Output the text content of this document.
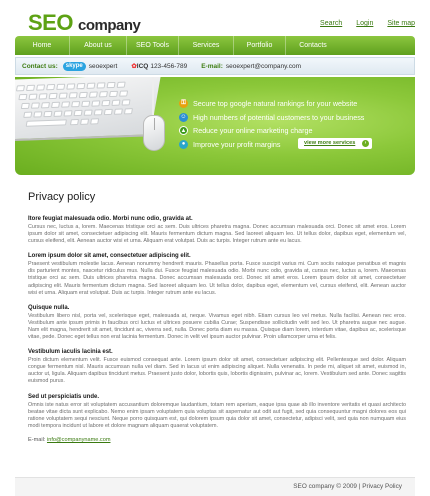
SEO company	Search Login Site map
Home	About us	SEO Tools	Services	Portfolio	Contacts
Contact us:	skype seoexpert ✿ICQ 123-456-789 E-mail: seoexpert@company.com
⚿	Secure top google natural rankings for your website
☺ High numbers of potential customers to your business
▲ Reduce your online marketing charge
●	Improve your profit margins	›
view more services
Privacy policy
Itore feugiat malesuada odio. Morbi nunc odio, gravida at.

Cursus nec, luctus a, lorem. Maecenas tristique orci ac sem. Duis ultrices pharetra magna. Donec accumsan malesuada orci. Donec sit amet eros. Lorem ipsum dolor sit amet, consectetuer adipiscing elit. Mauris fermentum dictum magna. Sed laoreet aliquam leo. Ut tellus dolor, dapibus eget, elementum vel, cursus eleifend, elit. Aenean auctor wisi et urna. Aliquam erat volutpat. Duis ac turpis. Integer rutrum ante eu lacus.

Lorem ipsum dolor sit amet, consectetuer adipiscing elit.

Praesent vestibulum molestie lacus. Aenean nonummy hendrerit mauris. Phasellus porta. Fusce suscipit varius mi. Cum sociis natoque penatibus et magnis dis parturient montes, nascetur ridiculus mus. Nulla dui. Fusce feugiat malesuada odio. Morbi nunc odio, gravida at, cursus nec, luctus a, lorem. Maecenas tristique orci ac sem. Duis ultrices pharetra magna. Donec accumsan malesuada orci. Donec sit amet eros. Lorem ipsum dolor sit amet, consectetuer adipiscing elit. Mauris fermentum dictum magna. Sed laoreet aliquam leo. Ut tellus dolor, dapibus eget, elementum vel, cursus eleifend, elit. Aenean auctor wisi et urna. Aliquam erat volutpat. Duis ac turpis. Integer rutrum ante eu lacus.

Quisque nulla.

Vestibulum libero nisl, porta vel, scelerisque eget, malesuada at, neque. Vivamus eget nibh. Etiam cursus leo vel metus. Nulla facilisi. Aenean nec eros. Vestibulum ante ipsum primis in faucibus orci luctus et ultrices posuere cubilia Curae; Suspendisse sollicitudin velit sed leo. Ut pharetra augue nec augue. Nam elit magna, hendrerit sit amet, tincidunt ac, viverra sed, nulla. Donec porta diam eu massa. Quisque diam lorem, interdum vitae, dapibus ac, scelerisque vitae, pede. Donec eget tellus non erat lacinia fermentum. Donec in velit vel ipsum auctor pulvinar. Proin ullamcorper urna et felis.

Vestibulum iaculis lacinia est.

Proin dictum elementum velit. Fusce euismod consequat ante. Lorem ipsum dolor sit amet, consectetuer adipiscing elit. Pellentesque sed dolor. Aliquam congue fermentum nisl. Mauris accumsan nulla vel diam. Sed in lacus ut enim adipiscing aliquet. Nulla venenatis. In pede mi, aliquet sit amet, euismod in, auctor ut, ligula. Aliquam dapibus tincidunt metus. Praesent justo dolor, lobortis quis, lobortis dignissim, pulvinar ac, lorem. Vestibulum sed ante. Donec sagittis euismod purus.

Sed ut perspiciatis unde.

Omnis iste natus error sit voluptatem accusantium doloremque laudantium, totam rem aperiam, eaque ipsa quae ab illo inventore veritatis et quasi architecto beatae vitae dicta sunt explicabo. Nemo enim ipsam voluptatem quia voluptas sit aspernatur aut odit aut fugit, sed quia consequuntur magni dolores eos qui ratione voluptatem sequi nesciunt. Neque porro quisquam est, qui dolorem ipsum quia dolor sit amet, consectetur, adipisci velit, sed quia non numquam eius modi tempora incidunt ut labore et dolore magnam aliquam quaerat voluptatem.

E-mail: info@companyname.com
SEO company © 2009 | Privacy Policy
